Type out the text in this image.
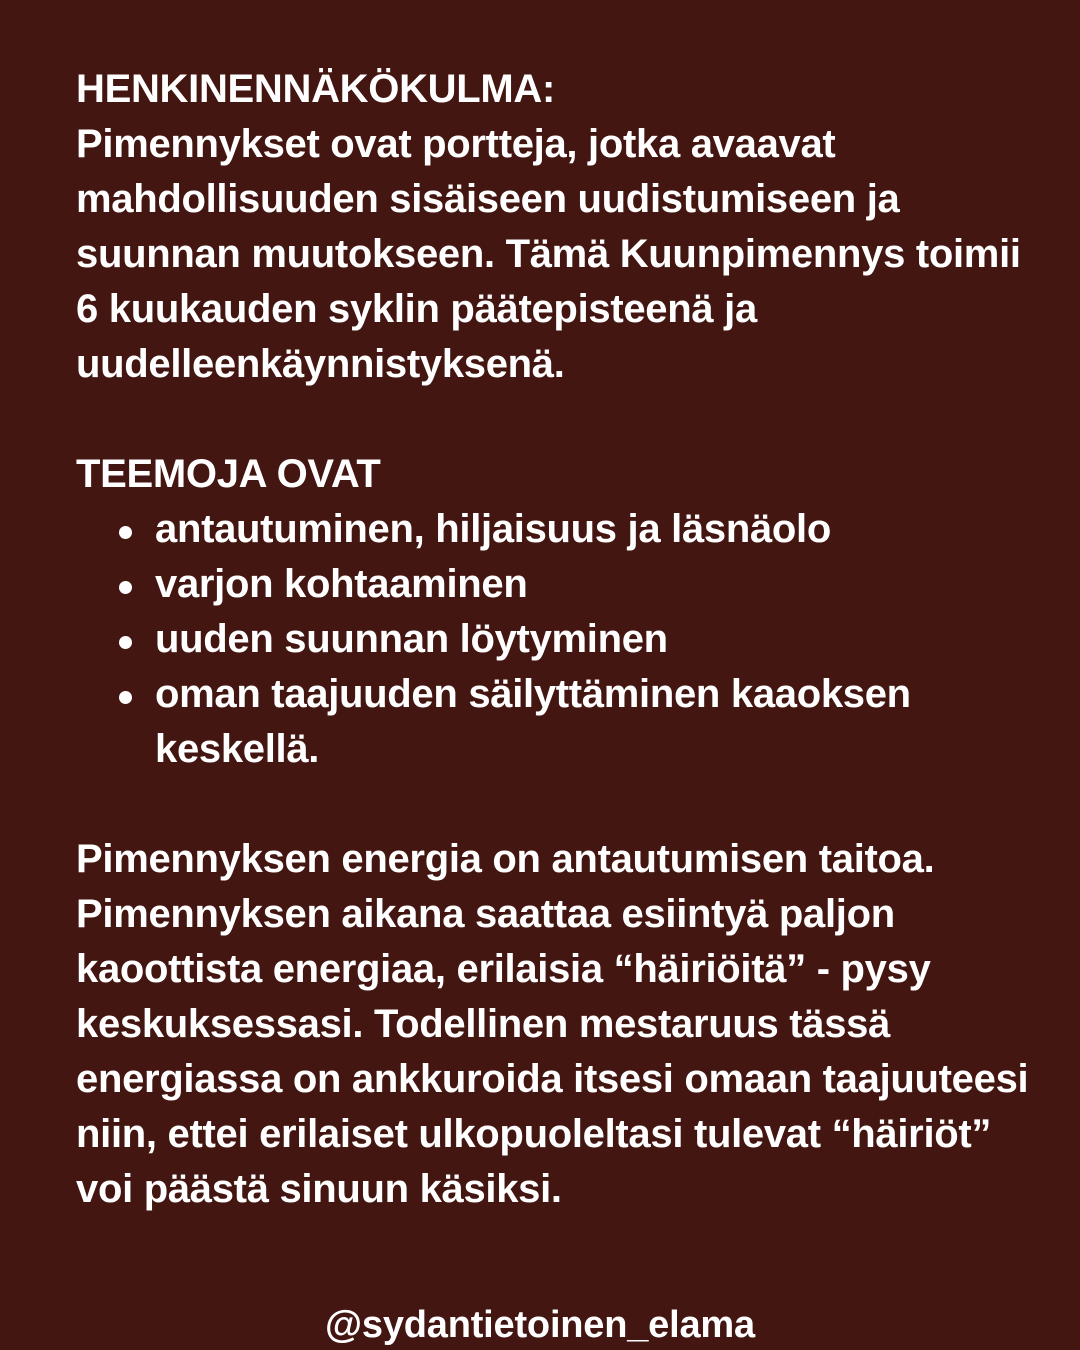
HENKINENNÄKÖKULMA:
Pimennykset ovat portteja, jotka avaavat mahdollisuuden sisäiseen uudistumiseen ja suunnan muutokseen. Tämä Kuunpimennys toimii 6 kuukauden syklin päätepisteenä ja uudelleenkäynnistyksenä.

TEEMOJA OVAT

antautuminen, hiljaisuus ja läsnäolo
varjon kohtaaminen
uuden suunnan löytyminen
oman taajuuden säilyttäminen kaaoksen keskellä.

Pimennyksen energia on antautumisen taitoa. Pimennyksen aikana saattaa esiintyä paljon kaoottista energiaa, erilaisia “häiriöitä” - pysy keskuksessasi. Todellinen mestaruus tässä energiassa on ankkuroida itsesi omaan taajuuteesi niin, ettei erilaiset ulkopuoleltasi tulevat “häiriöt” voi päästä sinuun käsiksi.

@sydantietoinen_elama
